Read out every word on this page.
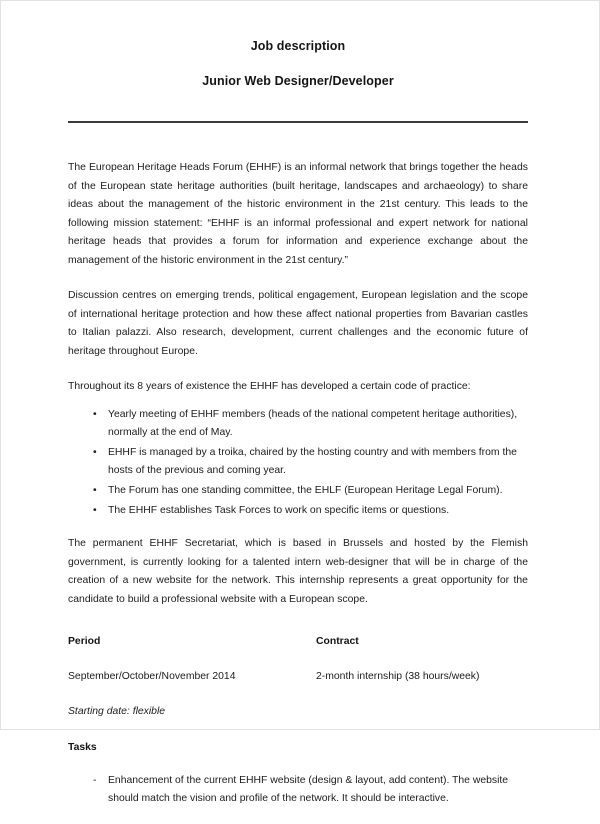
Job description
Junior Web Designer/Developer

The European Heritage Heads Forum (EHHF) is an informal network that brings together the heads of the European state heritage authorities (built heritage, landscapes and archaeology) to share ideas about the management of the historic environment in the 21st century. This leads to the following mission statement: “EHHF is an informal professional and expert network for national heritage heads that provides a forum for information and experience exchange about the management of the historic environment in the 21st century.”

Discussion centres on emerging trends, political engagement, European legislation and the scope of international heritage protection and how these affect national properties from Bavarian castles to Italian palazzi. Also research, development, current challenges and the economic future of heritage throughout Europe.

Throughout its 8 years of existence the EHHF has developed a certain code of practice:

• Yearly meeting of EHHF members (heads of the national competent heritage authorities), normally at the end of May.
• EHHF is managed by a troika, chaired by the hosting country and with members from the hosts of the previous and coming year.
• The Forum has one standing committee, the EHLF (European Heritage Legal Forum).
• The EHHF establishes Task Forces to work on specific items or questions.

The permanent EHHF Secretariat, which is based in Brussels and hosted by the Flemish government, is currently looking for a talented intern web-designer that will be in charge of the creation of a new website for the network. This internship represents a great opportunity for the candidate to build a professional website with a European scope.

Period
September/October/November 2014
Starting date: flexible
Contract
2-month internship (38 hours/week)
Tasks
- Enhancement of the current EHHF website (design & layout, add content). The website should match the vision and profile of the network. It should be interactive.
